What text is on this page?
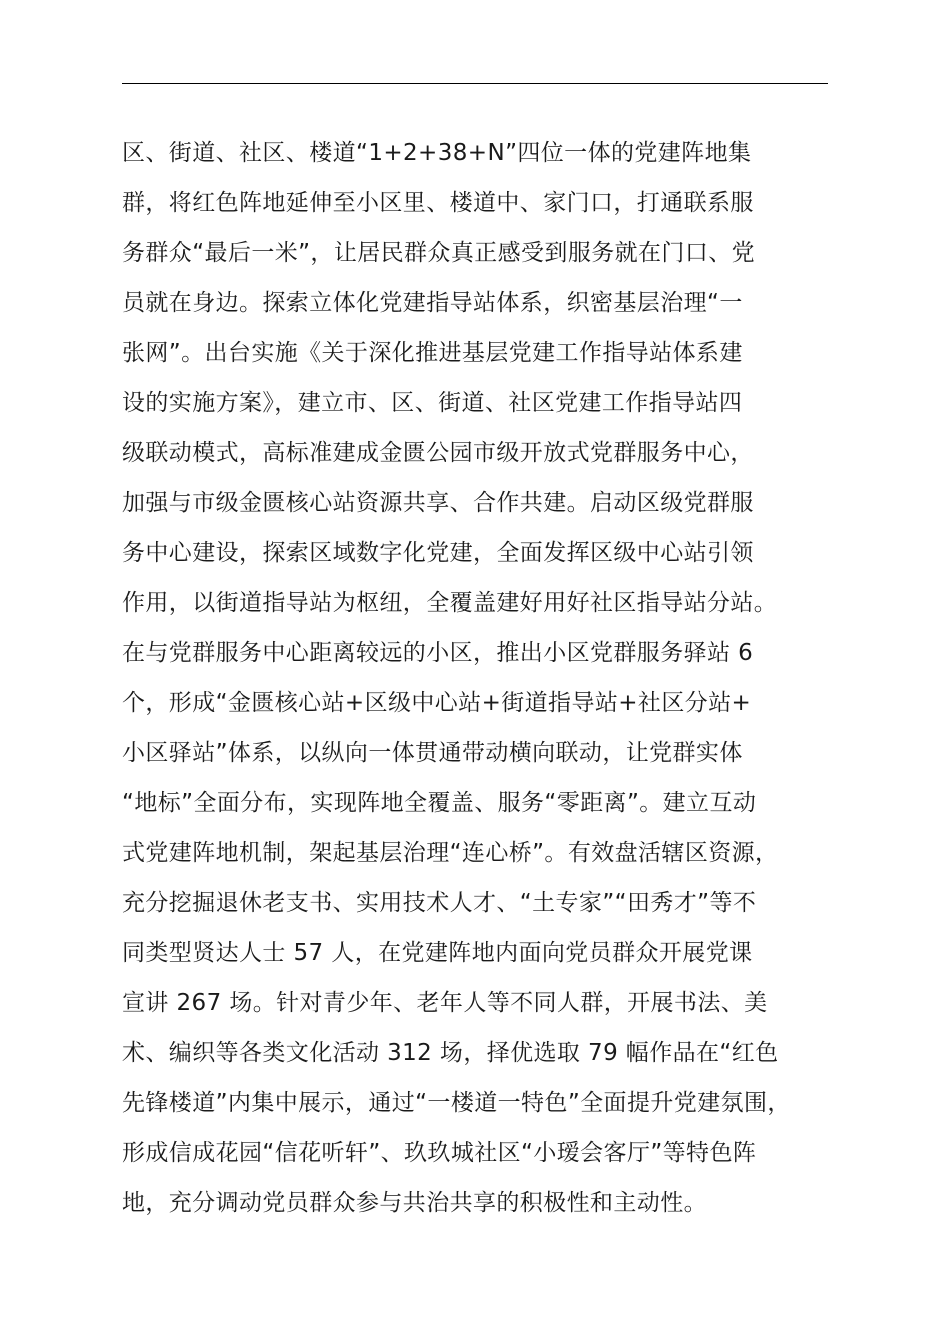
区、街道、社区、楼道“1+2+38+N”四位一体的党建阵地集
群，将红色阵地延伸至小区里、楼道中、家门口，打通联系服
务群众“最后一米”，让居民群众真正感受到服务就在门口、党
员就在身边。探索立体化党建指导站体系，织密基层治理“一
张网”。出台实施《关于深化推进基层党建工作指导站体系建
设的实施方案》，建立市、区、街道、社区党建工作指导站四
级联动模式，高标准建成金匮公园市级开放式党群服务中心，
加强与市级金匮核心站资源共享、合作共建。启动区级党群服
务中心建设，探索区域数字化党建，全面发挥区级中心站引领
作用，以街道指导站为枢纽，全覆盖建好用好社区指导站分站。
在与党群服务中心距离较远的小区，推出小区党群服务驿站 6
个，形成“金匮核心站+区级中心站+街道指导站+社区分站+
小区驿站”体系，以纵向一体贯通带动横向联动，让党群实体
“地标”全面分布，实现阵地全覆盖、服务“零距离”。建立互动
式党建阵地机制，架起基层治理“连心桥”。有效盘活辖区资源，
充分挖掘退休老支书、实用技术人才、“土专家”“田秀才”等不
同类型贤达人士 57 人，在党建阵地内面向党员群众开展党课
宣讲 267 场。针对青少年、老年人等不同人群，开展书法、美
术、编织等各类文化活动 312 场，择优选取 79 幅作品在“红色
先锋楼道”内集中展示，通过“一楼道一特色”全面提升党建氛围，
形成信成花园“信花听轩”、玖玖城社区“小瑷会客厅”等特色阵
地，充分调动党员群众参与共治共享的积极性和主动性。
